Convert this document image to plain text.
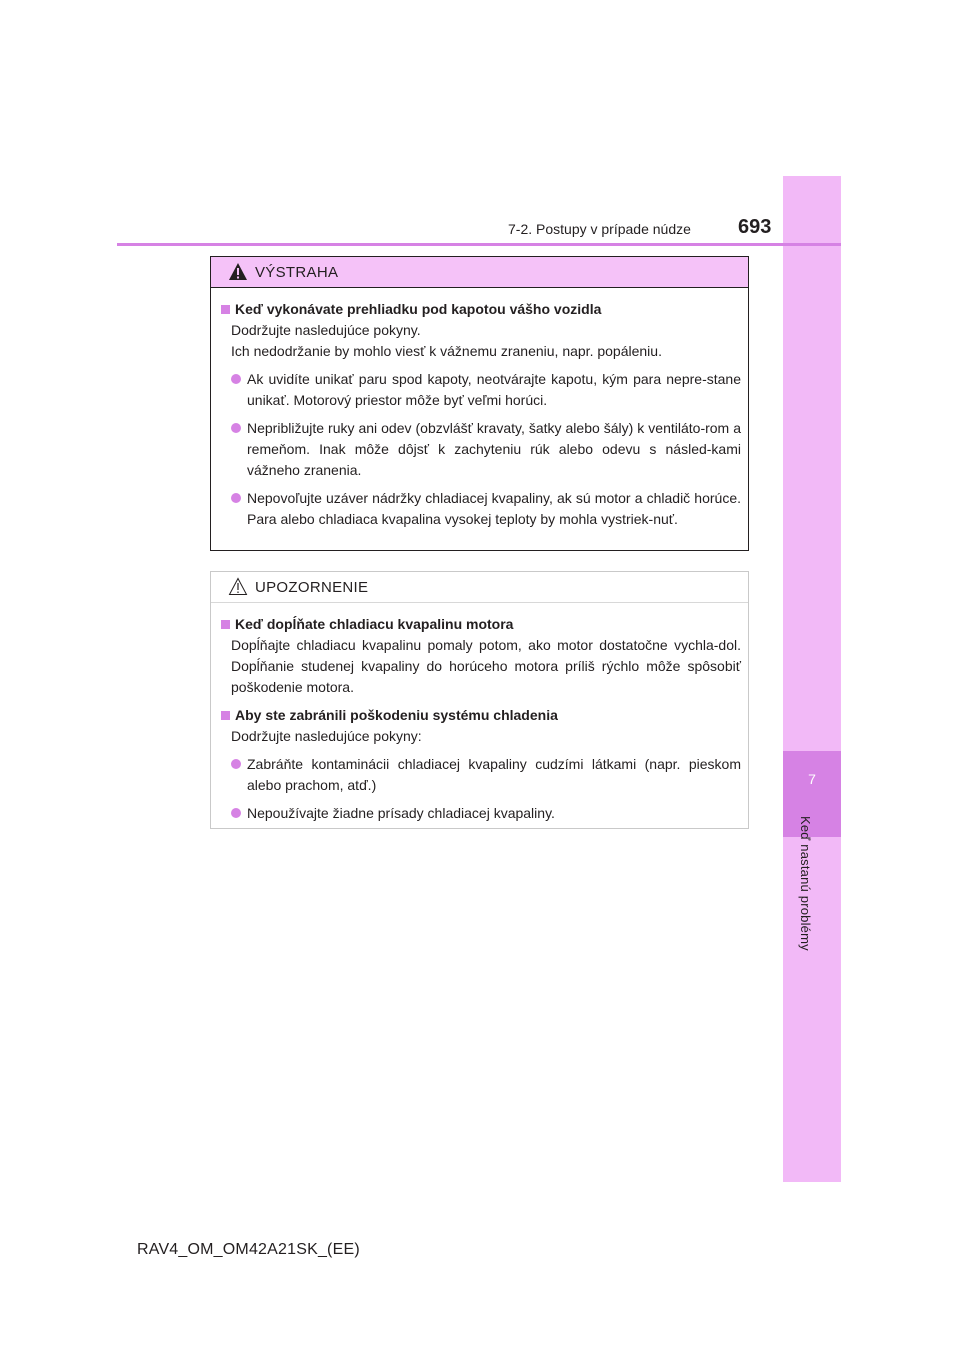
7
Keď nastanú problémy
7-2. Postupy v prípade núdze 693
VÝSTRAHA
Keď vykonávate prehliadku pod kapotou vášho vozidla
Dodržujte nasledujúce pokyny.
Ich nedodržanie by mohlo viesť k vážnemu zraneniu, napr. popáleniu.
Ak uvidíte unikať paru spod kapoty, neotvárajte kapotu, kým para nepre-stane unikať. Motorový priestor môže byť veľmi horúci.
Nepribližujte ruky ani odev (obzvlášť kravaty, šatky alebo šály) k ventiláto-rom a remeňom. Inak môže dôjsť k zachyteniu rúk alebo odevu s násled-kami vážneho zranenia.
Nepovoľujte uzáver nádržky chladiacej kvapaliny, ak sú motor a chladič horúce. Para alebo chladiaca kvapalina vysokej teploty by mohla vystriek-nuť.
UPOZORNENIE
Keď dopĺňate chladiacu kvapalinu motora
Dopĺňajte chladiacu kvapalinu pomaly potom, ako motor dostatočne vychla-dol. Dopĺňanie studenej kvapaliny do horúceho motora príliš rýchlo môže spôsobiť poškodenie motora.
Aby ste zabránili poškodeniu systému chladenia
Dodržujte nasledujúce pokyny:
Zabráňte kontaminácii chladiacej kvapaliny cudzími látkami (napr. pieskom alebo prachom, atď.)
Nepoužívajte žiadne prísady chladiacej kvapaliny.
RAV4_OM_OM42A21SK_(EE)
